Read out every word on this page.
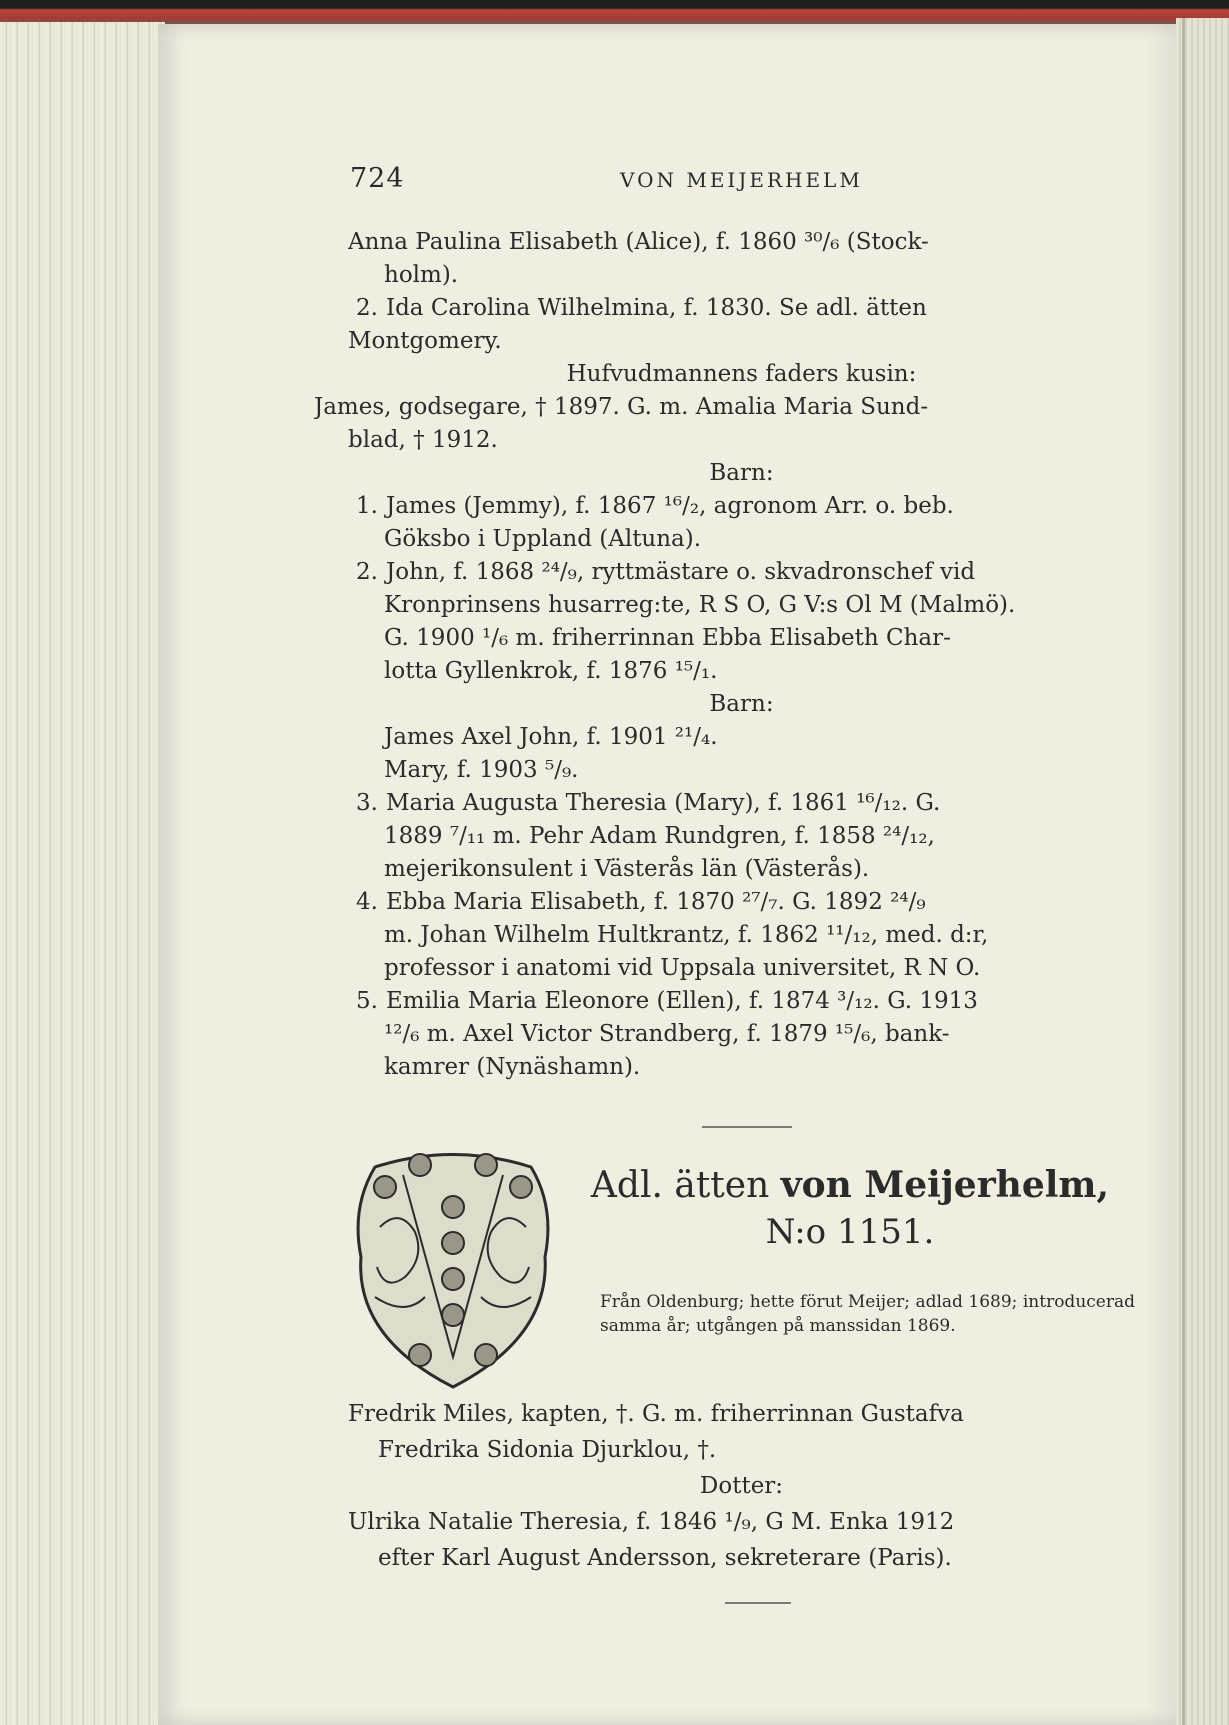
724	VON MEIJERHELM
Anna Paulina Elisabeth (Alice), f. 1860 ³⁰/₆ (Stock-
holm).
2. Ida Carolina Wilhelmina, f. 1830. Se adl. ätten
Montgomery.
Hufvudmannens faders kusin:
James, godsegare, † 1897. G. m. Amalia Maria Sund-
blad, † 1912.
Barn:
1. James (Jemmy), f. 1867 ¹⁶/₂, agronom Arr. o. beb.
Göksbo i Uppland (Altuna).
2. John, f. 1868 ²⁴/₉, ryttmästare o. skvadronschef vid
Kronprinsens husarreg:te, R S O, G V:s Ol M (Malmö).
G. 1900 ¹/₆ m. friherrinnan Ebba Elisabeth Char-
lotta Gyllenkrok, f. 1876 ¹⁵/₁.
Barn:
James Axel John, f. 1901 ²¹/₄.
Mary, f. 1903 ⁵/₉.
3. Maria Augusta Theresia (Mary), f. 1861 ¹⁶/₁₂. G.
1889 ⁷/₁₁ m. Pehr Adam Rundgren, f. 1858 ²⁴/₁₂,
mejerikonsulent i Västerås län (Västerås).
4. Ebba Maria Elisabeth, f. 1870 ²⁷/₇. G. 1892 ²⁴/₉
m. Johan Wilhelm Hultkrantz, f. 1862 ¹¹/₁₂, med. d:r,
professor i anatomi vid Uppsala universitet, R N O.
5. Emilia Maria Eleonore (Ellen), f. 1874 ³/₁₂. G. 1913
¹²/₆ m. Axel Victor Strandberg, f. 1879 ¹⁵/₆, bank-
kamrer (Nynäshamn).
Adl. ätten von Meijerhelm,
N:o 1151.
Från Oldenburg; hette förut Meijer; adlad 1689; introducerad samma år; utgången på manssidan 1869.
Fredrik Miles, kapten, †. G. m. friherrinnan Gustafva
Fredrika Sidonia Djurklou, †.
Dotter:
Ulrika Natalie Theresia, f. 1846 ¹/₉, G M. Enka 1912
efter Karl August Andersson, sekreterare (Paris).
